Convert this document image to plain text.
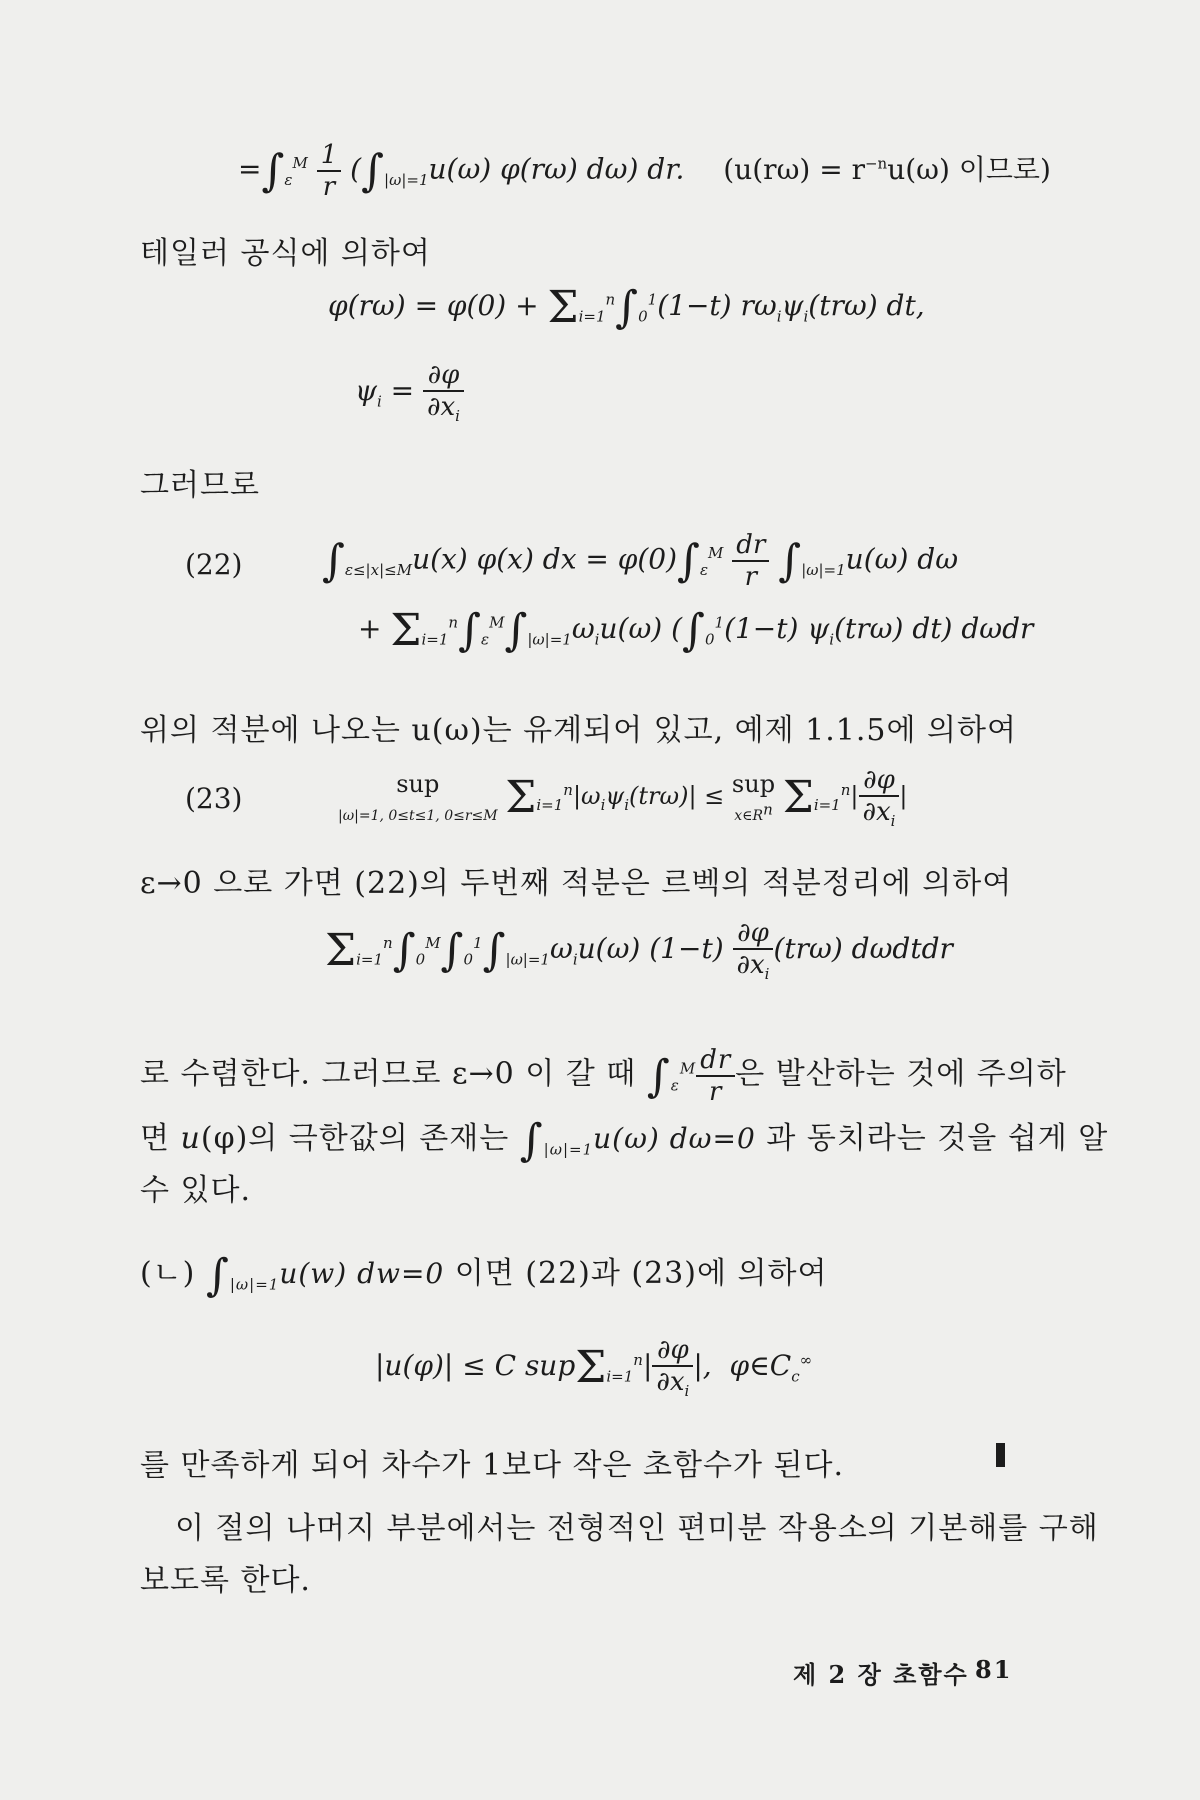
$=\int_\varepsilon^M \frac{1}{r} (\int_{|\omega|=1}u(\omega)$ φ(rω) dω) dr. ($u(r\omega) = r^{-n}u(\omega)$ 이므로)
테일러 공식에 의하여
$\varphi(r\omega) = \varphi(0) + \Sigma_{i=1}^n\int_0^1(1-t)$ $r\omega_i\psi_i(tr\omega)$ dt,
$\psi_i = \frac{\partial\varphi}{\partial x_i}$
그러므로
(22) $\int_{\varepsilon\le|x|\le M}u(x)$ φ(x) dx = $\varphi(0)\int_\varepsilon^M \frac{dr}{r} \int_{|\omega|=1}u(\omega)$ dω
+ $\Sigma_{i=1}^n\int_\varepsilon^M\int_{|\omega|=1}\omega_iu(\omega)$ ($\int_0^1(1-t)$ $\psi_i(tr\omega)$ dt) dωdr
위의 적분에 나오는 u(ω)는 유계되어 있고, 예제 1.1.5에 의하여
(23)	sup
|ω|=1, 0≤t≤1, 0≤r≤M $\Sigma_{i=1}^n|\omega_i\psi_i(tr\omega)|$ ≤ sup
$x\in R^n$ $\Sigma_{i=1}^n| \frac{\partial\varphi}{\partial x_i}$ |
ε→0 으로 가면 (22)의 두번째 적분은 르벡의 적분정리에 의하여
$\Sigma_{i=1}^n\int_0^M\int_0^1\int_{|\omega|=1}\omega_iu(\omega)$ $(1-t) \frac{\partial\varphi}{\partial x_i} (tr\omega)$ dωdtdr
로 수렴한다. 그러므로 ε→0 이 갈 때 $\int_\varepsilon^M \frac{dr}{r}$ 은 발산하는 것에 주의하
면 u(φ)의 극한값의 존재는 $\int_{|\omega|=1}u(\omega)$ dω=0 과 동치라는 것을 쉽게 알
수 있다.
(ㄴ) $\int_{|\omega|=1}u(w)$ dw=0 이면 (22)과 (23)에 의하여
|u(φ)| ≤ C $sup\Sigma_{i=1}^n| \frac{\partial\varphi}{\partial x_i}$ |,  $\varphi\in C_c^\infty$
를 만족하게 되어 차수가 1보다 작은 초함수가 된다.
이 절의 나머지 부분에서는 전형적인 편미분 작용소의 기본해를 구해
보도록 한다.
제 2 장 초함수 81
